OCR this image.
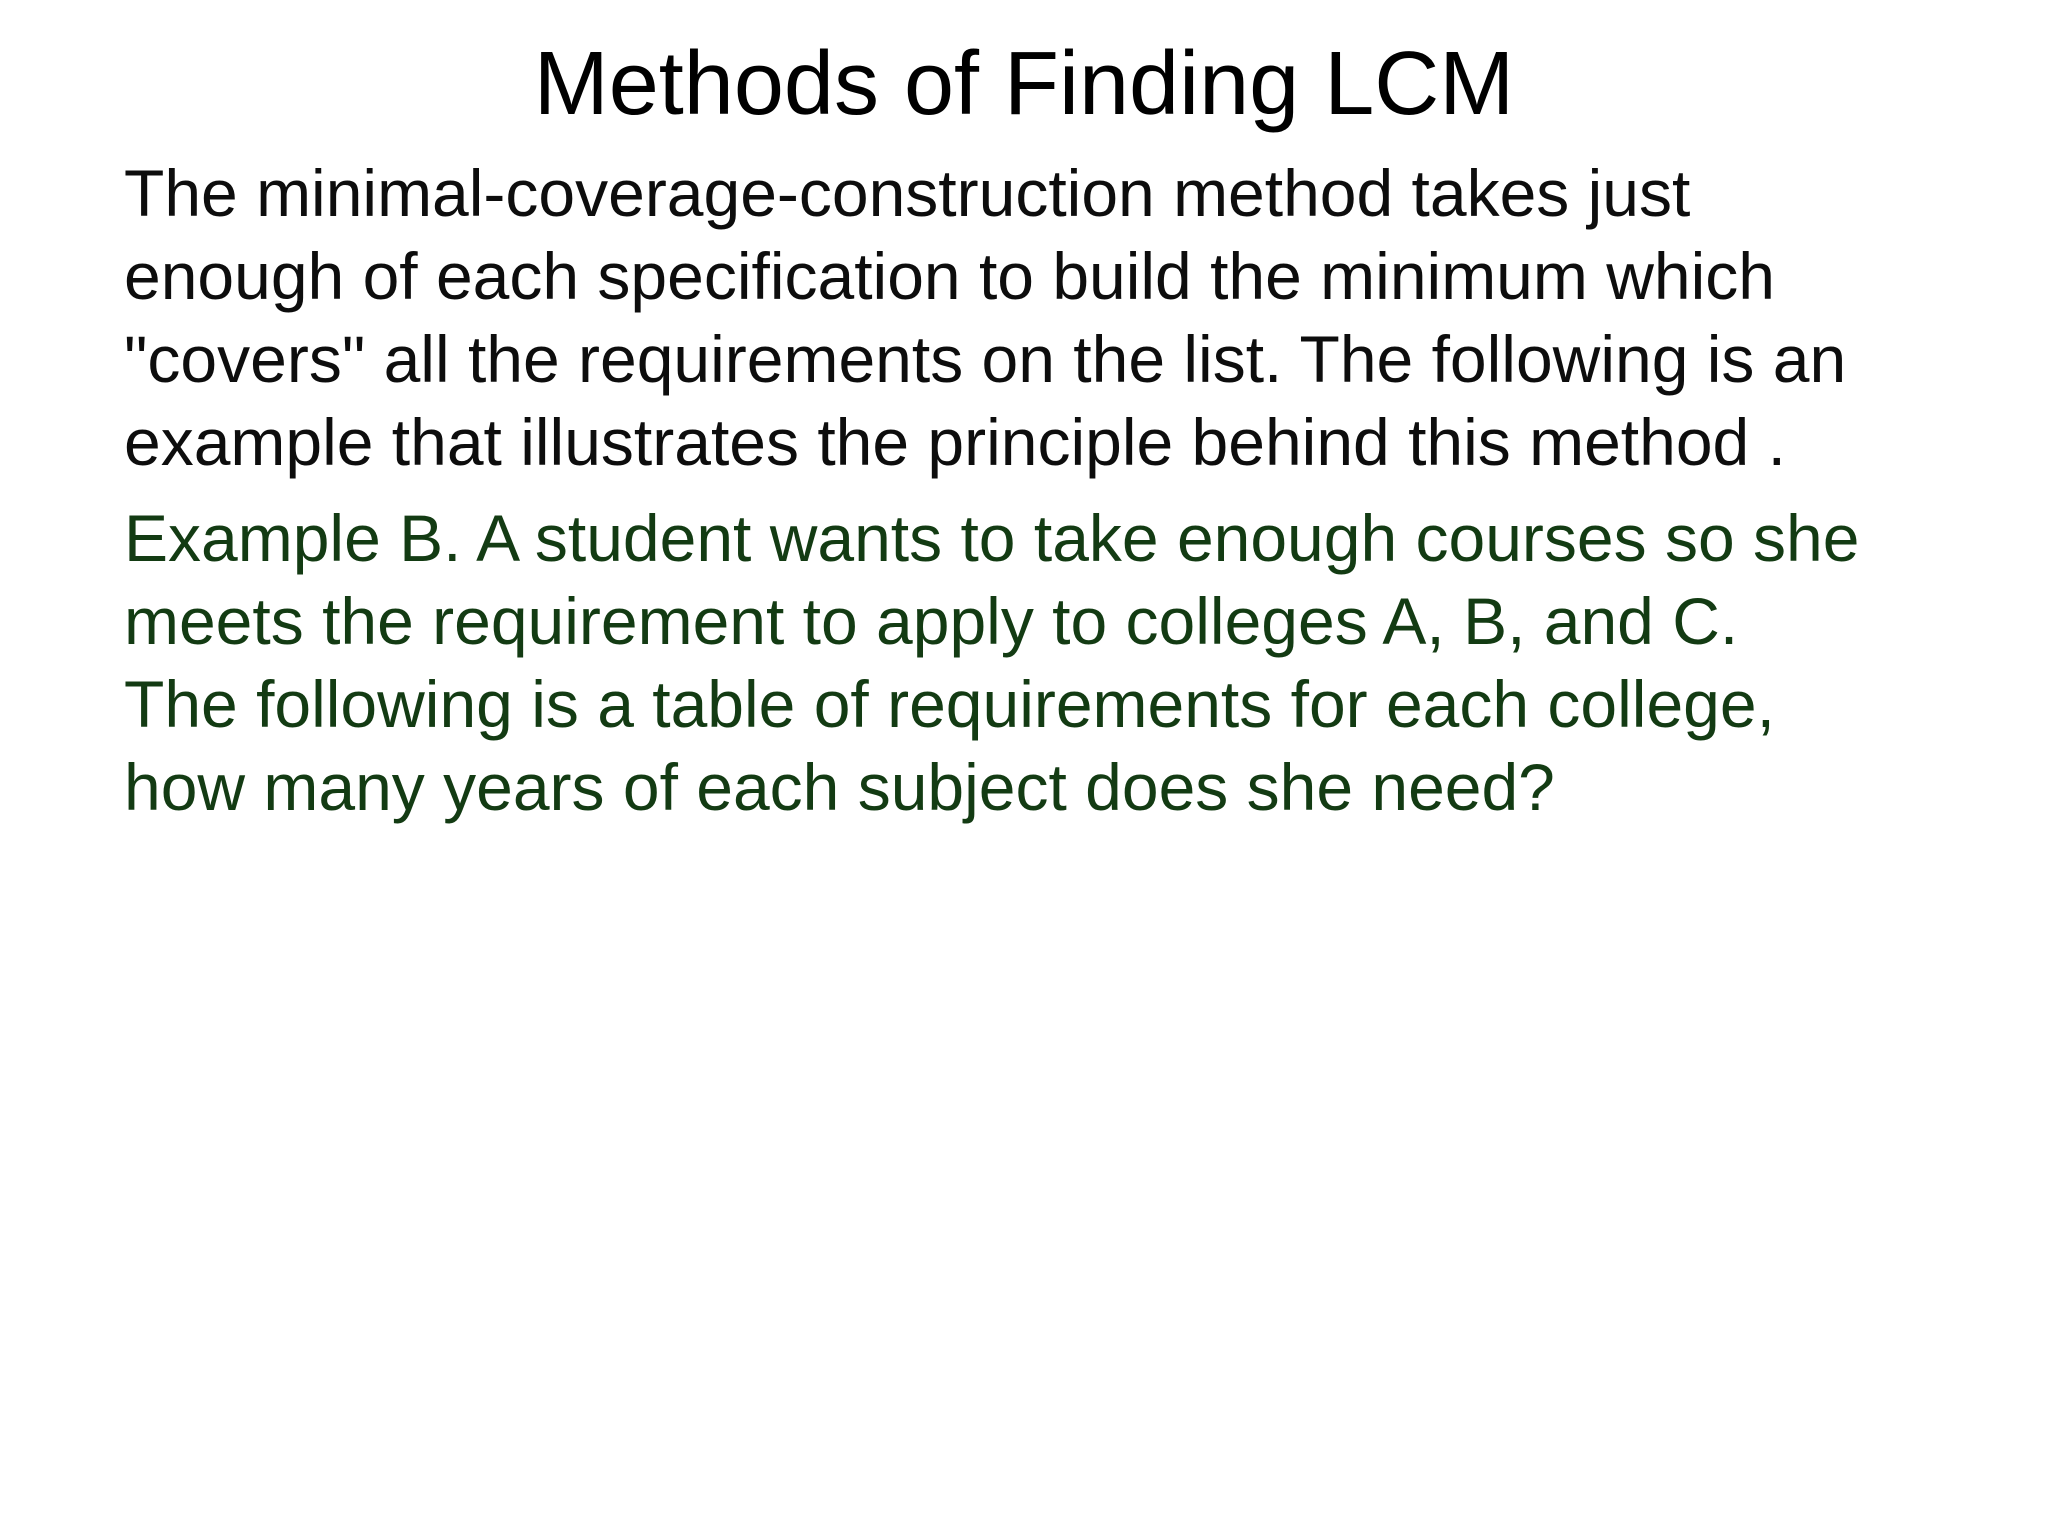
Methods of Finding LCM

The minimal-coverage-construction method takes just
enough of each specification to build the minimum which
"covers" all the requirements on the list. The following is an
example that illustrates the principle behind this method .

Example B. A student wants to take enough courses so she
meets the requirement to apply to colleges A, B, and C.
The following is a table of requirements for each college,
how many years of each subject does she need?
